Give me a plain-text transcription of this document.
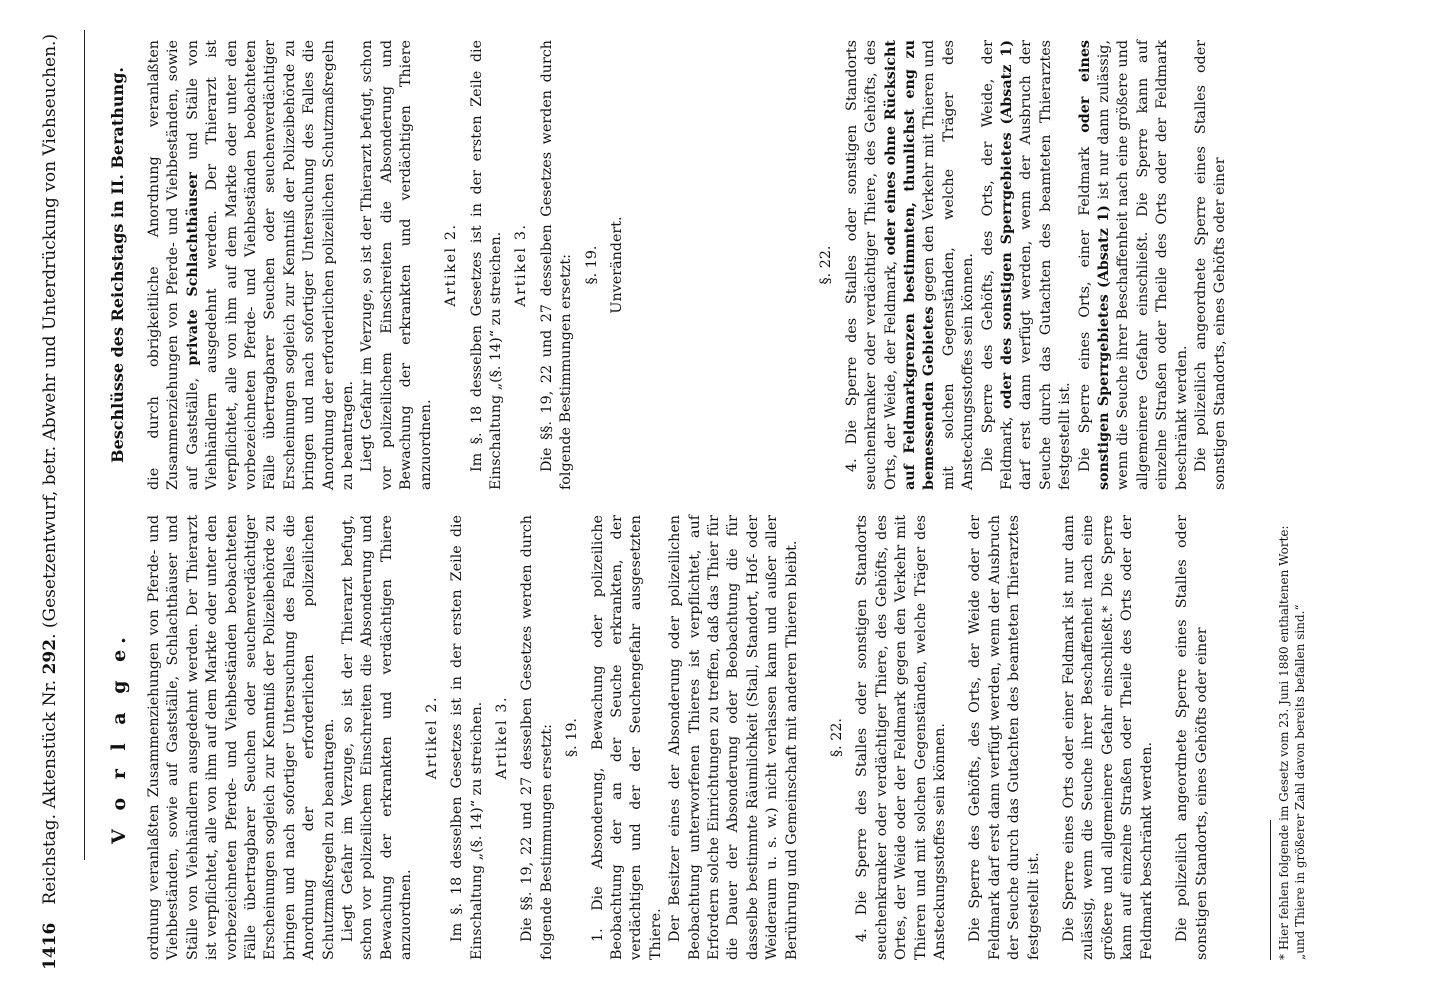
1416Reichstag. Aktenstück Nr. 292. (Gesetzentwurf, betr. Abwehr und Unterdrückung von Viehseuchen.)
V o r l a g e. ordnung veranlaßten Zusammenziehungen von Pferde- und Viehbeständen, sowie auf Gastställe, Schlachthäuser und Ställe von Viehhändlern ausgedehnt werden. Der Thierarzt ist verpflichtet, alle von ihm auf dem Markte oder unter den vorbezeichneten Pferde- und Viehbeständen beobachteten Fälle übertragbarer Seuchen oder seuchenverdächtiger Erscheinungen sogleich zur Kenntniß der Polizeibehörde zu bringen und nach sofortiger Untersuchung des Falles die Anordnung der erforderlichen polizeilichen Schutzmaßregeln zu beantragen. Liegt Gefahr im Verzuge, so ist der Thierarzt befugt, schon vor polizeilichem Einschreiten die Absonderung und Bewachung der erkrankten und verdächtigen Thiere anzuordnen.

Artikel 2. Im §. 18 desselben Gesetzes ist in der ersten Zeile die Einschaltung „(§. 14)“ zu streichen. Artikel 3. Die §§. 19, 22 und 27 desselben Gesetzes werden durch folgende Bestimmungen ersetzt: §. 19. 1. Die Absonderung, Bewachung oder polizeiliche Beobachtung der an der Seuche erkrankten, der verdächtigen und der der Seuchengefahr ausgesetzten Thiere. Der Besitzer eines der Absonderung oder polizeilichen Beobachtung unterworfenen Thieres ist verpflichtet, auf Erfordern solche Einrichtungen zu treffen, daß das Thier für die Dauer der Absonderung oder Beobachtung die für dasselbe bestimmte Räumlichkeit (Stall, Standort, Hof- oder Weideraum u. s. w.) nicht verlassen kann und außer aller Berührung und Gemeinschaft mit anderen Thieren bleibt. §. 22. 4. Die Sperre des Stalles oder sonstigen Standorts seuchenkranker oder verdächtiger Thiere, des Gehöfts, des Ortes, der Weide oder der Feldmark gegen den Verkehr mit Thieren und mit solchen Gegenständen, welche Träger des Ansteckungsstoffes sein können. Die Sperre des Gehöfts, des Orts, der Weide oder der Feldmark darf erst dann verfügt werden, wenn der Ausbruch der Seuche durch das Gutachten des beamteten Thierarztes festgestellt ist. Die Sperre eines Orts oder einer Feldmark ist nur dann zulässig, wenn die Seuche ihrer Beschaffenheit nach eine größere und allgemeinere Gefahr einschließt.* Die Sperre kann auf einzelne Straßen oder Theile des Orts oder der Feldmark beschränkt werden. Die polizeilich angeordnete Sperre eines Stalles oder sonstigen Standorts, eines Gehöfts oder einer	* Hier fehlen folgende im Gesetz vom 23. Juni 1880 enthaltenen Worte: „und Thiere in größerer Zahl davon bereits befallen sind.“
Beschlüsse des Reichstags in II. Berathung. die durch obrigkeitliche Anordnung veranlaßten Zusammenziehungen von Pferde- und Viehbeständen, sowie auf Gastställe, private Schlachthäuser und Ställe von Viehhändlern ausgedehnt werden. Der Thierarzt ist verpflichtet, alle von ihm auf dem Markte oder unter den vorbezeichneten Pferde- und Viehbeständen beobachteten Fälle übertragbarer Seuchen oder seuchenverdächtiger Erscheinungen sogleich zur Kenntniß der Polizeibehörde zu bringen und nach sofortiger Untersuchung des Falles die Anordnung der erforderlichen polizeilichen Schutzmaßregeln zu beantragen. Liegt Gefahr im Verzuge, so ist der Thierarzt befugt, schon vor polizeilichem Einschreiten die Absonderung und Bewachung der erkrankten und verdächtigen Thiere anzuordnen.

Artikel 2. Im §. 18 desselben Gesetzes ist in der ersten Zeile die Einschaltung „(§. 14)“ zu streichen. Artikel 3. Die §§. 19, 22 und 27 desselben Gesetzes werden durch folgende Bestimmungen ersetzt: §. 19. Unverändert.	§. 22. 4. Die Sperre des Stalles oder sonstigen Standorts seuchenkranker oder verdächtiger Thiere, des Gehöfts, des Orts, der Weide, der Feldmark, oder eines ohne Rücksicht auf Feldmarkgrenzen bestimmten, thunlichst eng zu bemessenden Gebietes gegen den Verkehr mit Thieren und mit solchen Gegenständen, welche Träger des Ansteckungsstoffes sein können. Die Sperre des Gehöfts, des Orts, der Weide, der Feldmark, oder des sonstigen Sperrgebietes (Absatz 1) darf erst dann verfügt werden, wenn der Ausbruch der Seuche durch das Gutachten des beamteten Thierarztes festgestellt ist. Die Sperre eines Orts, einer Feldmark oder eines sonstigen Sperrgebietes (Absatz 1) ist nur dann zulässig, wenn die Seuche ihrer Beschaffenheit nach eine größere und allgemeinere Gefahr einschließt. Die Sperre kann auf einzelne Straßen oder Theile des Orts oder der Feldmark beschränkt werden. Die polizeilich angeordnete Sperre eines Stalles oder sonstigen Standorts, eines Gehöfts oder einer
